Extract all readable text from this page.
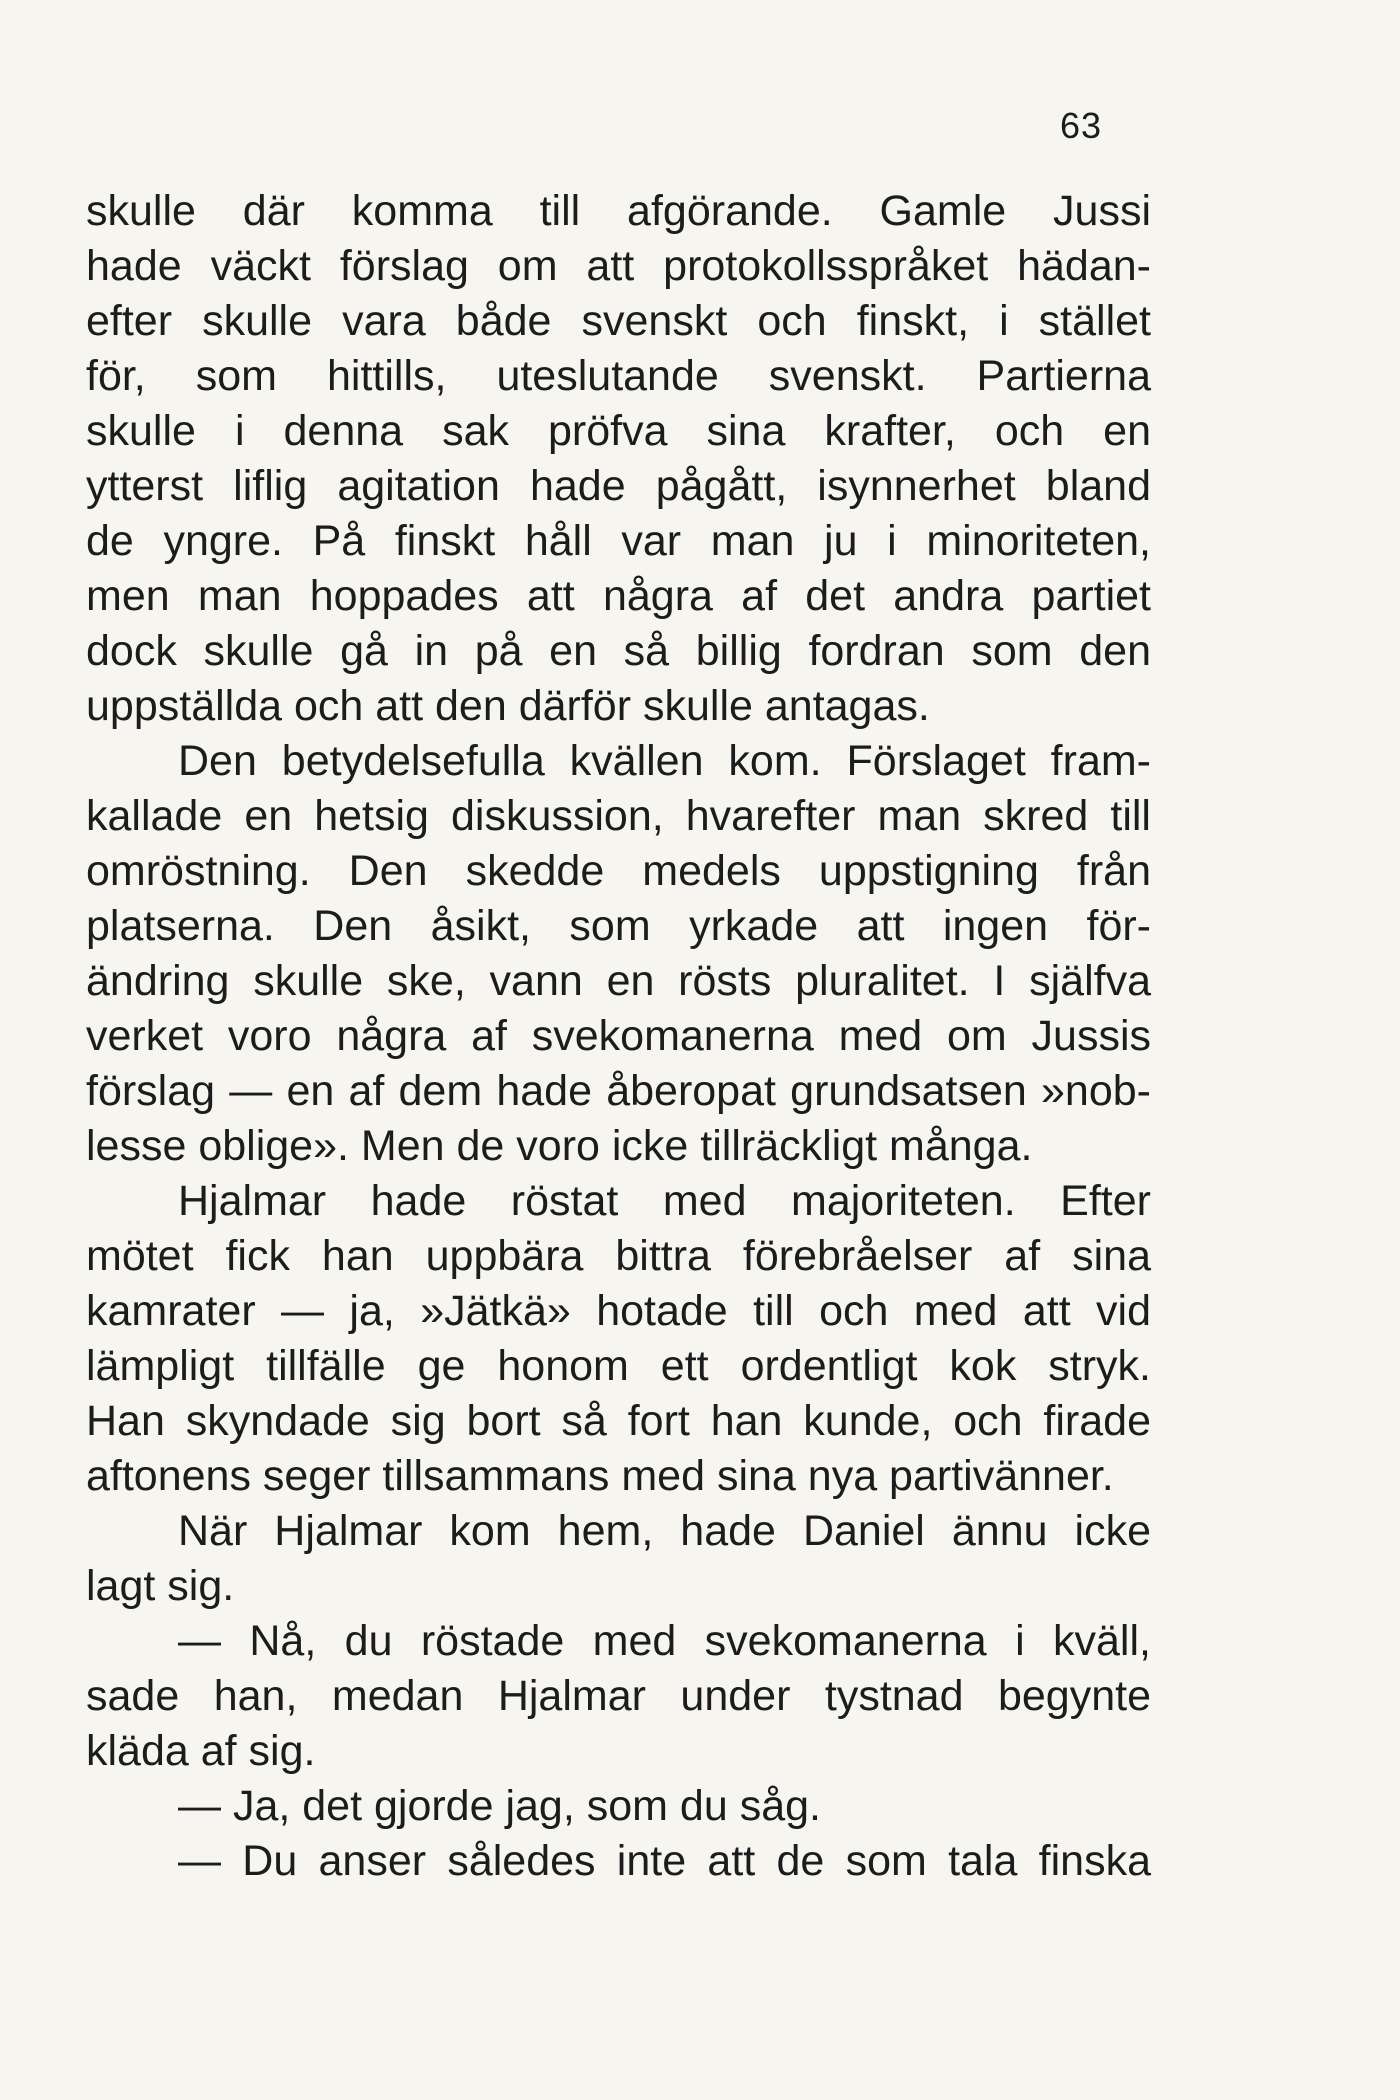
63
skulle där komma till afgörande. Gamle Jussi
hade väckt förslag om att protokollsspråket hädan-
efter skulle vara både svenskt och finskt, i stället
för, som hittills, uteslutande svenskt. Partierna
skulle i denna sak pröfva sina krafter, och en
ytterst liflig agitation hade pågått, isynnerhet bland
de yngre. På finskt håll var man ju i minoriteten,
men man hoppades att några af det andra partiet
dock skulle gå in på en så billig fordran som den
uppställda och att den därför skulle antagas.
Den betydelsefulla kvällen kom. Förslaget fram-
kallade en hetsig diskussion, hvarefter man skred till
omröstning. Den skedde medels uppstigning från
platserna. Den åsikt, som yrkade att ingen för-
ändring skulle ske, vann en rösts pluralitet. I själfva
verket voro några af svekomanerna med om Jussis
förslag — en af dem hade åberopat grundsatsen »nob-
lesse oblige». Men de voro icke tillräckligt många.
Hjalmar hade röstat med majoriteten. Efter
mötet fick han uppbära bittra förebråelser af sina
kamrater — ja, »Jätkä» hotade till och med att vid
lämpligt tillfälle ge honom ett ordentligt kok stryk.
Han skyndade sig bort så fort han kunde, och firade
aftonens seger tillsammans med sina nya partivänner.
När Hjalmar kom hem, hade Daniel ännu icke
lagt sig.
— Nå, du röstade med svekomanerna i kväll,
sade han, medan Hjalmar under tystnad begynte
kläda af sig.
— Ja, det gjorde jag, som du såg.
— Du anser således inte att de som tala finska
